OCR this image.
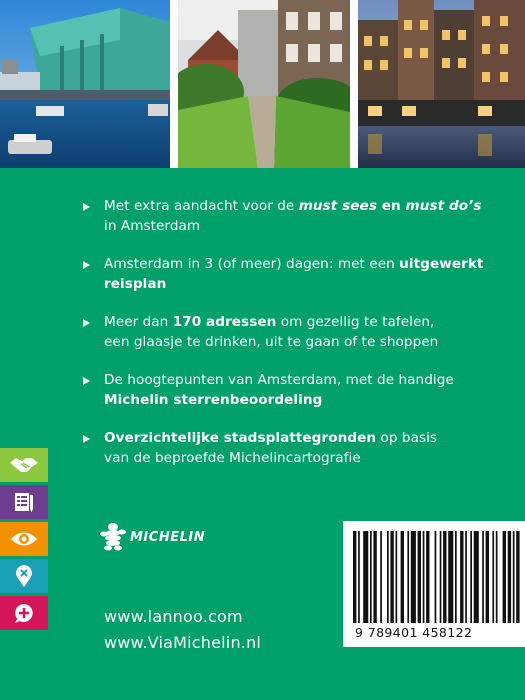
Met extra aandacht voor de must sees en must do’s
in Amsterdam
Amsterdam in 3 (of meer) dagen: met een uitgewerkt
reisplan
Meer dan 170 adressen om gezellig te tafelen,
een glaasje te drinken, uit te gaan of te shoppen
De hoogtepunten van Amsterdam, met de handige
Michelin sterrenbeoordeling
Overzichtelijke stadsplattegronden op basis
van de beproefde Michelincartografie
MICHELIN
www.lannoo.com
www.ViaMichelin.nl
9 789401 458122
